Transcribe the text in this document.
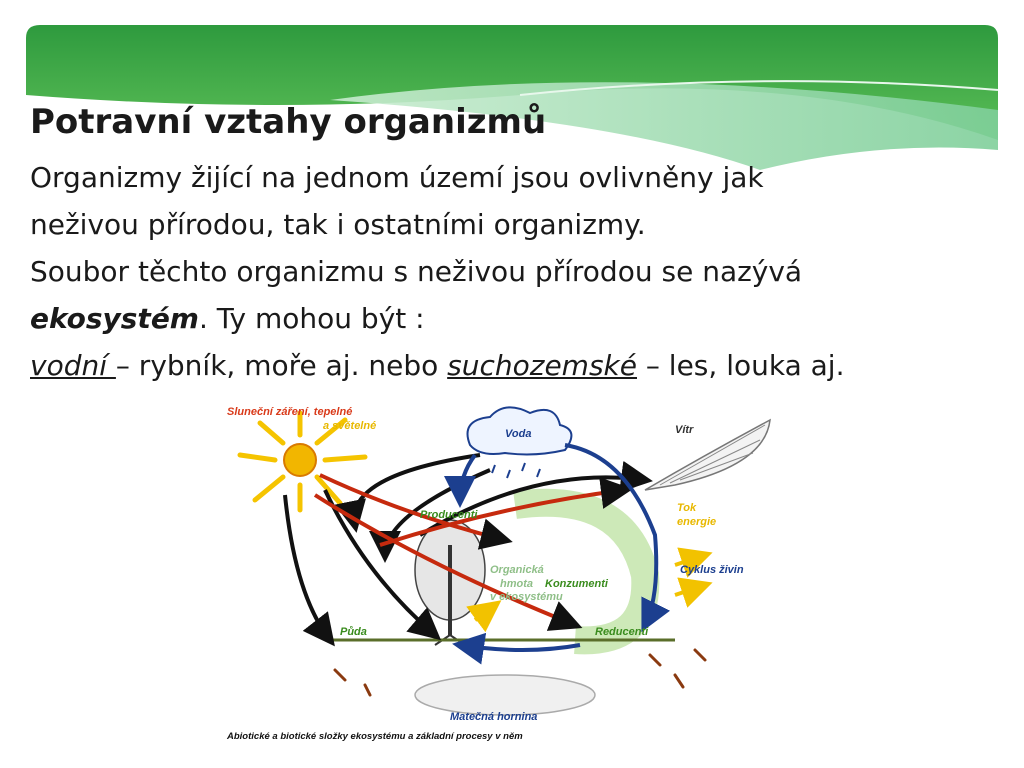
Potravní vztahy organizmů

Organizmy žijící na jednom území jsou ovlivněny jak
neživou přírodou, tak i ostatními organizmy.

Soubor těchto organizmu s neživou přírodou se nazývá
ekosystém. Ty mohou být :

vodní – rybník, moře aj. nebo suchozemské – les, louka aj.

Sluneční záření, tepelné
a světelné
Voda	Vítr
Producenti
Tok
energie
Organická
hmota Konzumenti
v ekosystému
Cyklus živin
Půda	Reducenti
Matečná hornina
Abiotické a biotické složky ekosystému a základní procesy v něm
